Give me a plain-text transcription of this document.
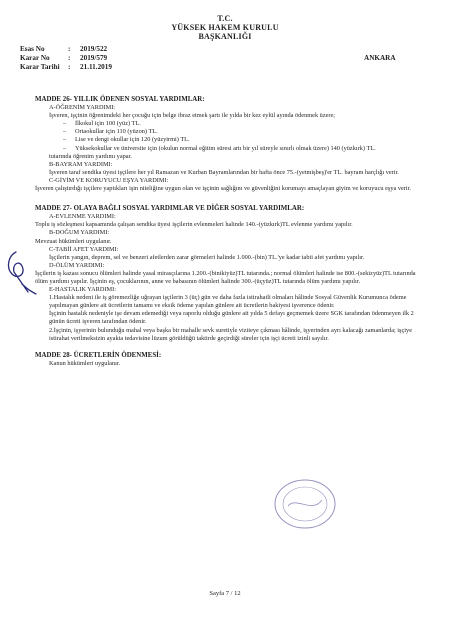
T.C.
YÜKSEK HAKEM KURULU
BAŞKANLIĞI
Esas No	:	2019/522
Karar No	:	2019/579
Karar Tarihi	:	21.11.2019
ANKARA
MADDE 26- YILLIK ÖDENEN SOSYAL YARDIMLAR:
A-ÖĞRENİM YARDIMI:
İşveren, işçinin öğrenimdeki her çocuğu için belge ibraz etmek şartı ile yılda bir kez eylül ayında ödenmek üzere;
– İlkokul için 100 (yüz) TL.
– Ortaokullar için 110 (yüzon) TL.
– Lise ve dengi okullar için 120 (yüzyirmi) TL.
– Yüksekokullar ve üniversite için (okulun normal eğitim süresi artı bir yıl süreyle sınırlı olmak üzere) 140 (yüzkırk) TL.
tutarında öğrenim yardımı yapar.
B-BAYRAM YARDIMI:
İşveren taraf sendika üyesi işçilere her yıl Ramazan ve Kurban Bayramlarından bir hafta önce 75.-(yetmişbeş)'er TL. bayram harçlığı verir.
C-GİYİM VE KORUYUCU EŞYA YARDIMI:
İşveren çalıştırdığı işçilere yaptıkları işin niteliğine uygun olan ve işçinin sağlığını ve güvenliğini korumayı amaçlayan giyim ve koruyucu eşya verir.
MADDE 27- OLAYA BAĞLI SOSYAL YARDIMLAR VE DİĞER SOSYAL YARDIMLAR:
A-EVLENME YARDIMI:
Toplu iş sözleşmesi kapsamında çalışan sendika üyesi işçilerin evlenmeleri halinde 140.-(yüzkırk)TL evlenme yardımı yapılır.
B-DOĞUM YARDIMI:
Mevzuat hükümleri uygulanır.
C-TABİİ AFET YARDIMI:
İşçilerin yangın, deprem, sel ve benzeri afetlerden zarar görmeleri halinde 1.000.-(bin) TL.'ye kadar tabii afet yardımı yapılır.
D-ÖLÜM YARDIMI:
İşçilerin iş kazası sonucu ölümleri halinde yasal mirasçılarına 1.200.-(binikiyüz)TL tutarında.; normal ölümleri halinde ise 800.-(sekizyüz)TL tutarında ölüm yardımı yapılır. İşçinin eş, çocuklarının, anne ve babasının ölümleri halinde 300.-(üçyüz)TL tutarında ölüm yardımı yapılır.
E-HASTALIK YARDIMI:
1.Hastalık nedeni ile iş göremezliğe uğrayan işçilerin 3 (üç) gün ve daha fazla istirahatli olmaları hâlinde Sosyal Güvenlik Kurumunca ödeme yapılmayan günlere ait ücretlerin tamamı ve eksik ödeme yapılan günlere ait ücretlerin bakiyesi işverence ödenir.
İşçinin hastalık nedeniyle işe devam edemediği veya raporlu olduğu günlere ait yılda 5 defayı geçmemek üzere SGK tarafından ödenmeyen ilk 2 günün ücreti işveren tarafından ödenir.
2.İşçinin, işyerinin bulunduğu mahal veya başka bir mahalle sevk suretiyle viziteye çıkması hâlinde, işyerinden ayrı kalacağı zamanlarda; işçiye istirahat verilmeksizin ayakta tedavisine lüzum görüldüğü taktirde geçirdiği süreler için işçi ücreti izinli sayılır.
MADDE 28- ÜCRETLERİN ÖDENMESİ:
Kanun hükümleri uygulanır.
Sayfa 7 / 12
